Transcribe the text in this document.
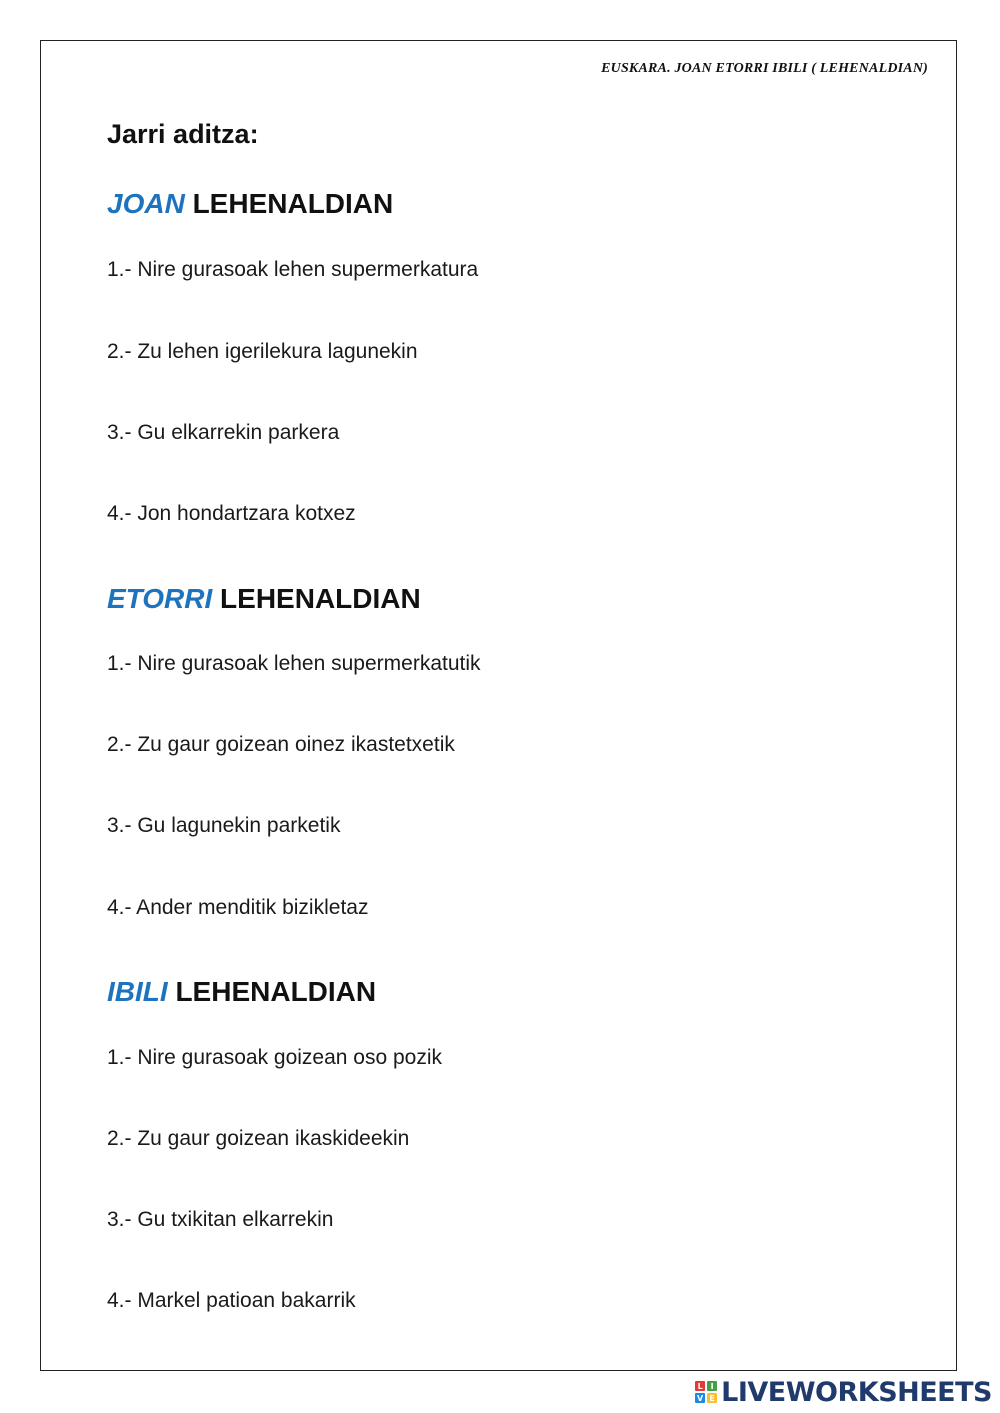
EUSKARA. JOAN ETORRI IBILI ( LEHENALDIAN)
Jarri aditza:
JOAN LEHENALDIAN
1.- Nire gurasoak lehen supermerkatura
2.- Zu lehen igerilekura lagunekin
3.- Gu elkarrekin parkera
4.- Jon hondartzara kotxez
ETORRI LEHENALDIAN
1.- Nire gurasoak lehen supermerkatutik
2.- Zu gaur goizean oinez ikastetxetik
3.- Gu lagunekin parketik
4.- Ander menditik bizikletaz
IBILI LEHENALDIAN
1.- Nire gurasoak goizean oso pozik
2.- Zu gaur goizean ikaskideekin
3.- Gu txikitan elkarrekin
4.- Markel patioan bakarrik
L I
V E LIVEWORKSHEETS
